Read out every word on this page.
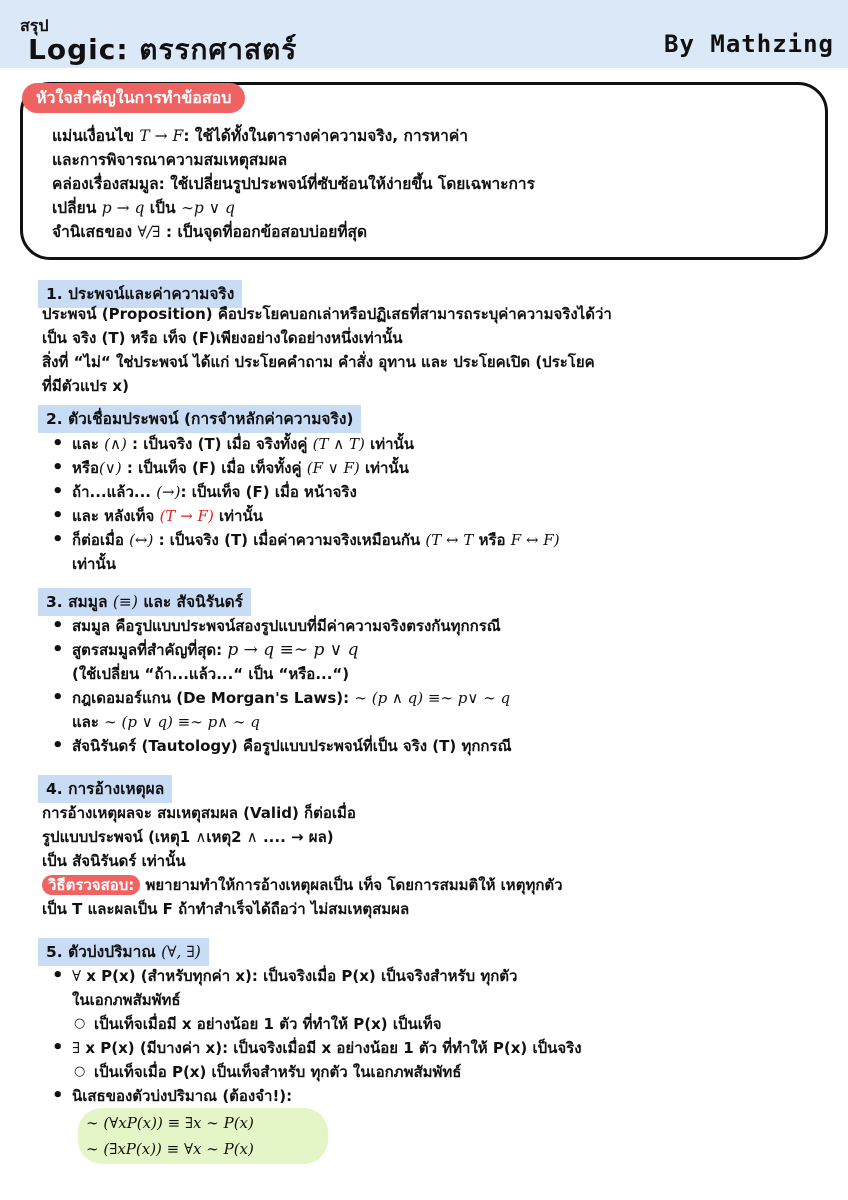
สรุป
Logic: ตรรกศาสตร์	By Mathzing
หัวใจสำคัญในการทำข้อสอบ
แม่นเงื่อนไข T → F: ใช้ได้ทั้งในตารางค่าความจริง, การหาค่า
และการพิจารณาความสมเหตุสมผล
คล่องเรื่องสมมูล: ใช้เปลี่ยนรูปประพจน์ที่ซับซ้อนให้ง่ายขึ้น โดยเฉพาะการ
เปลี่ยน p → q เป็น ∼p ∨ q
จำนิเสธของ ∀/∃ : เป็นจุดที่ออกข้อสอบบ่อยที่สุด
1. ประพจน์และค่าความจริง
ประพจน์ (Proposition) คือประโยคบอกเล่าหรือปฏิเสธที่สามารถระบุค่าความจริงได้ว่า
เป็น จริง (T) หรือ เท็จ (F)เพียงอย่างใดอย่างหนึ่งเท่านั้น
สิ่งที่ “ไม่“ ใช่ประพจน์ ได้แก่ ประโยคคำถาม คำสั่ง อุทาน และ ประโยคเปิด (ประโยค
ที่มีตัวแปร x)
2. ตัวเชื่อมประพจน์ (การจำหลักค่าความจริง)
• และ (∧) : เป็นจริง (T) เมื่อ จริงทั้งคู่ (T ∧ T) เท่านั้น
• หรือ(∨) : เป็นเท็จ (F) เมื่อ เท็จทั้งคู่ (F ∨ F) เท่านั้น
• ถ้า...แล้ว... (→): เป็นเท็จ (F) เมื่อ หน้าจริง
• และ หลังเท็จ (T → F) เท่านั้น
• ก็ต่อเมื่อ (↔) : เป็นจริง (T) เมื่อค่าความจริงเหมือนกัน (T ↔ T หรือ F ↔ F)
เท่านั้น
3. สมมูล (≡) และ สัจนิรันดร์
• สมมูล คือรูปแบบประพจน์สองรูปแบบที่มีค่าความจริงตรงกันทุกกรณี
• สูตรสมมูลที่สำคัญที่สุด: p → q ≡∼ p ∨ q
(ใช้เปลี่ยน “ถ้า...แล้ว...“ เป็น “หรือ...“)
• กฎเดอมอร์แกน (De Morgan's Laws): ∼ (p ∧ q) ≡∼ p∨ ∼ q
และ ∼ (p ∨ q) ≡∼ p∧ ∼ q
• สัจนิรันดร์ (Tautology) คือรูปแบบประพจน์ที่เป็น จริง (T) ทุกกรณี
4. การอ้างเหตุผล
การอ้างเหตุผลจะ สมเหตุสมผล (Valid) ก็ต่อเมื่อ
รูปแบบประพจน์ (เหตุ1 ∧เหตุ2 ∧ .... → ผล)
เป็น สัจนิรันดร์ เท่านั้น
วิธีตรวจสอบ: พยายามทำให้การอ้างเหตุผลเป็น เท็จ โดยการสมมติให้ เหตุทุกตัว
เป็น T และผลเป็น F ถ้าทำสำเร็จได้ถือว่า ไม่สมเหตุสมผล
5. ตัวบ่งปริมาณ (∀, ∃)
• ∀ x P(x) (สำหรับทุกค่า x): เป็นจริงเมื่อ P(x) เป็นจริงสำหรับ ทุกตัว
ในเอกภพสัมพัทธ์
○ เป็นเท็จเมื่อมี x อย่างน้อย 1 ตัว ที่ทำให้ P(x) เป็นเท็จ
• ∃ x P(x) (มีบางค่า x): เป็นจริงเมื่อมี x อย่างน้อย 1 ตัว ที่ทำให้ P(x) เป็นจริง
○ เป็นเท็จเมื่อ P(x) เป็นเท็จสำหรับ ทุกตัว ในเอกภพสัมพัทธ์
• นิเสธของตัวบ่งปริมาณ (ต้องจำ!):
∼ (∀xP(x)) ≡ ∃x ∼ P(x)
∼ (∃xP(x)) ≡ ∀x ∼ P(x)
